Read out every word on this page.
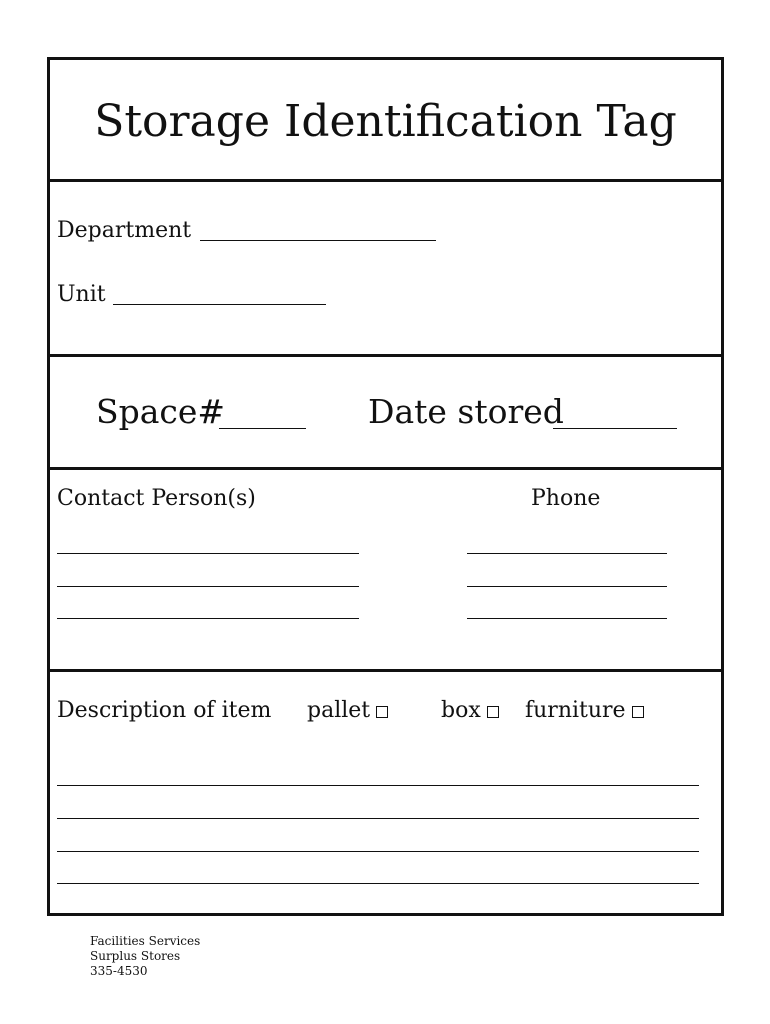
Storage Identification Tag
Department
Unit
Space#	Date stored
Contact Person(s)	Phone
Description of item pallet	box	furniture
Facilities Services
Surplus Stores
335-4530
